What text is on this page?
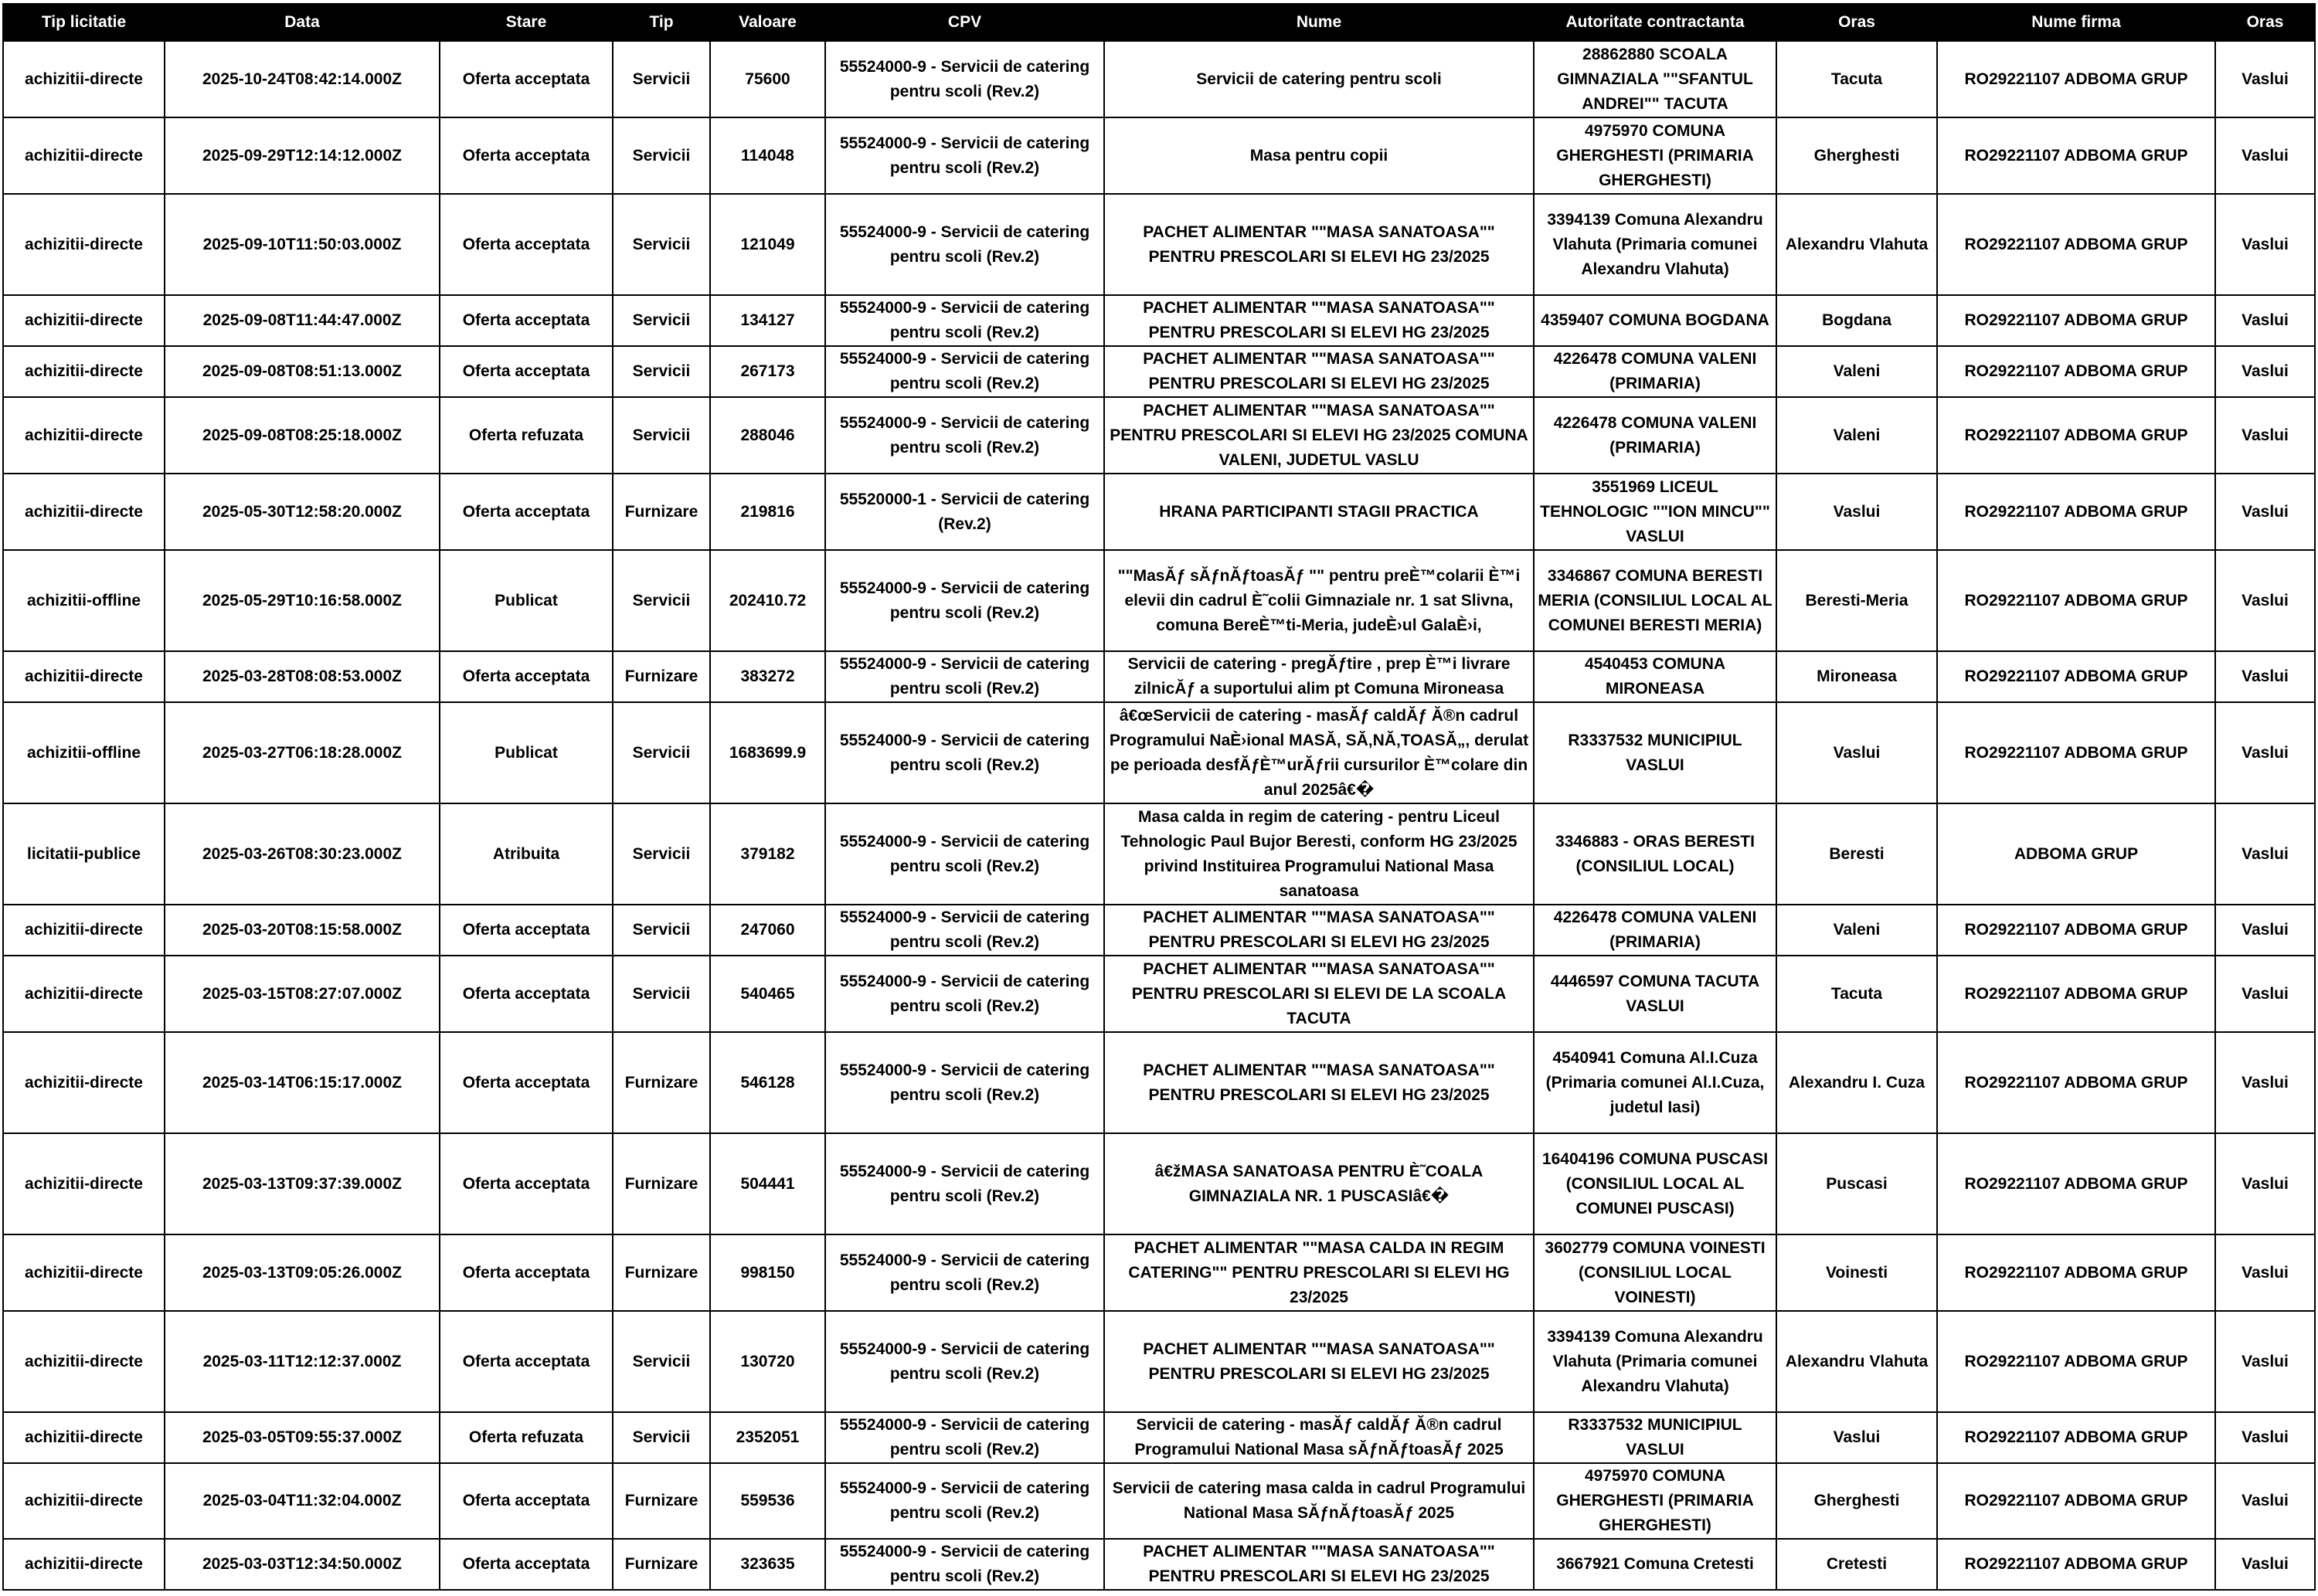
Tip licitatie	Data	Stare	Tip	Valoare	CPV	Nume	Autoritate contractanta	Oras	Nume firma	Oras
achizitii-directe	2025-10-24T08:42:14.000Z	Oferta acceptata	Servicii	75600	55524000-9 - Servicii de catering pentru scoli (Rev.2)	Servicii de catering pentru scoli	28862880 SCOALA GIMNAZIALA ""SFANTUL ANDREI"" TACUTA	Tacuta	RO29221107 ADBOMA GRUP	Vaslui
achizitii-directe	2025-09-29T12:14:12.000Z	Oferta acceptata	Servicii	114048	55524000-9 - Servicii de catering pentru scoli (Rev.2)	Masa pentru copii	4975970 COMUNA GHERGHESTI (PRIMARIA GHERGHESTI)	Gherghesti	RO29221107 ADBOMA GRUP	Vaslui
achizitii-directe	2025-09-10T11:50:03.000Z	Oferta acceptata	Servicii	121049	55524000-9 - Servicii de catering pentru scoli (Rev.2)	PACHET ALIMENTAR ""MASA SANATOASA"" PENTRU PRESCOLARI SI ELEVI HG 23/2025	3394139 Comuna Alexandru Vlahuta (Primaria comunei Alexandru Vlahuta)	Alexandru Vlahuta	RO29221107 ADBOMA GRUP	Vaslui
achizitii-directe	2025-09-08T11:44:47.000Z	Oferta acceptata	Servicii	134127	55524000-9 - Servicii de catering pentru scoli (Rev.2)	PACHET ALIMENTAR ""MASA SANATOASA"" PENTRU PRESCOLARI SI ELEVI HG 23/2025	4359407 COMUNA BOGDANA	Bogdana	RO29221107 ADBOMA GRUP	Vaslui
achizitii-directe	2025-09-08T08:51:13.000Z	Oferta acceptata	Servicii	267173	55524000-9 - Servicii de catering pentru scoli (Rev.2)	PACHET ALIMENTAR ""MASA SANATOASA"" PENTRU PRESCOLARI SI ELEVI HG 23/2025	4226478 COMUNA VALENI (PRIMARIA)	Valeni	RO29221107 ADBOMA GRUP	Vaslui
achizitii-directe	2025-09-08T08:25:18.000Z	Oferta refuzata	Servicii	288046	55524000-9 - Servicii de catering pentru scoli (Rev.2)	PACHET ALIMENTAR ""MASA SANATOASA"" PENTRU PRESCOLARI SI ELEVI HG 23/2025 COMUNA VALENI, JUDETUL VASLU	4226478 COMUNA VALENI (PRIMARIA)	Valeni	RO29221107 ADBOMA GRUP	Vaslui
achizitii-directe	2025-05-30T12:58:20.000Z	Oferta acceptata	Furnizare	219816	55520000-1 - Servicii de catering (Rev.2)	HRANA PARTICIPANTI STAGII PRACTICA	3551969 LICEUL TEHNOLOGIC ""ION MINCU"" VASLUI	Vaslui	RO29221107 ADBOMA GRUP	Vaslui
achizitii-offline	2025-05-29T10:16:58.000Z	Publicat	Servicii	202410.72	55524000-9 - Servicii de catering pentru scoli (Rev.2)	""MasĂƒ sĂƒnĂƒtoasĂƒ "" pentru preÈ™colarii È™i elevii din cadrul È˜colii Gimnaziale nr. 1 sat Slivna, comuna BereÈ™ti-Meria, judeÈ›ul GalaÈ›i,	3346867 COMUNA BERESTI MERIA (CONSILIUL LOCAL AL COMUNEI BERESTI MERIA)	Beresti-Meria	RO29221107 ADBOMA GRUP	Vaslui
achizitii-directe	2025-03-28T08:08:53.000Z	Oferta acceptata	Furnizare	383272	55524000-9 - Servicii de catering pentru scoli (Rev.2)	Servicii de catering - pregĂƒtire , prep È™i livrare zilnicĂƒ a suportului alim pt Comuna Mironeasa	4540453 COMUNA MIRONEASA	Mironeasa	RO29221107 ADBOMA GRUP	Vaslui
achizitii-offline	2025-03-27T06:18:28.000Z	Publicat	Servicii	1683699.9	55524000-9 - Servicii de catering pentru scoli (Rev.2)	â€œServicii de catering - masĂƒ caldĂƒ Ă®n cadrul Programului NaÈ›ional MASĂ, SĂ‚NĂ‚TOASĂ„, derulat pe perioada desfĂƒÈ™urĂƒrii cursurilor È™colare din anul 2025â€�	R3337532 MUNICIPIUL VASLUI	Vaslui	RO29221107 ADBOMA GRUP	Vaslui
licitatii-publice	2025-03-26T08:30:23.000Z	Atribuita	Servicii	379182	55524000-9 - Servicii de catering pentru scoli (Rev.2)	Masa calda in regim de catering - pentru Liceul Tehnologic Paul Bujor Beresti, conform HG 23/2025 privind Instituirea Programului National Masa sanatoasa	3346883 - ORAS BERESTI (CONSILIUL LOCAL)	Beresti	ADBOMA GRUP	Vaslui
achizitii-directe	2025-03-20T08:15:58.000Z	Oferta acceptata	Servicii	247060	55524000-9 - Servicii de catering pentru scoli (Rev.2)	PACHET ALIMENTAR ""MASA SANATOASA"" PENTRU PRESCOLARI SI ELEVI HG 23/2025	4226478 COMUNA VALENI (PRIMARIA)	Valeni	RO29221107 ADBOMA GRUP	Vaslui
achizitii-directe	2025-03-15T08:27:07.000Z	Oferta acceptata	Servicii	540465	55524000-9 - Servicii de catering pentru scoli (Rev.2)	PACHET ALIMENTAR ""MASA SANATOASA"" PENTRU PRESCOLARI SI ELEVI DE LA SCOALA TACUTA	4446597 COMUNA TACUTA VASLUI	Tacuta	RO29221107 ADBOMA GRUP	Vaslui
achizitii-directe	2025-03-14T06:15:17.000Z	Oferta acceptata	Furnizare	546128	55524000-9 - Servicii de catering pentru scoli (Rev.2)	PACHET ALIMENTAR ""MASA SANATOASA"" PENTRU PRESCOLARI SI ELEVI HG 23/2025	4540941 Comuna Al.I.Cuza (Primaria comunei Al.I.Cuza, judetul Iasi)	Alexandru I. Cuza	RO29221107 ADBOMA GRUP	Vaslui
achizitii-directe	2025-03-13T09:37:39.000Z	Oferta acceptata	Furnizare	504441	55524000-9 - Servicii de catering pentru scoli (Rev.2)	â€žMASA SANATOASA PENTRU È˜COALA GIMNAZIALA NR. 1 PUSCASIâ€�	16404196 COMUNA PUSCASI (CONSILIUL LOCAL AL COMUNEI PUSCASI)	Puscasi	RO29221107 ADBOMA GRUP	Vaslui
achizitii-directe	2025-03-13T09:05:26.000Z	Oferta acceptata	Furnizare	998150	55524000-9 - Servicii de catering pentru scoli (Rev.2)	PACHET ALIMENTAR ""MASA CALDA IN REGIM CATERING"" PENTRU PRESCOLARI SI ELEVI HG 23/2025	3602779 COMUNA VOINESTI (CONSILIUL LOCAL VOINESTI)	Voinesti	RO29221107 ADBOMA GRUP	Vaslui
achizitii-directe	2025-03-11T12:12:37.000Z	Oferta acceptata	Servicii	130720	55524000-9 - Servicii de catering pentru scoli (Rev.2)	PACHET ALIMENTAR ""MASA SANATOASA"" PENTRU PRESCOLARI SI ELEVI HG 23/2025	3394139 Comuna Alexandru Vlahuta (Primaria comunei Alexandru Vlahuta)	Alexandru Vlahuta	RO29221107 ADBOMA GRUP	Vaslui
achizitii-directe	2025-03-05T09:55:37.000Z	Oferta refuzata	Servicii	2352051	55524000-9 - Servicii de catering pentru scoli (Rev.2)	Servicii de catering - masĂƒ caldĂƒ Ă®n cadrul Programului National Masa sĂƒnĂƒtoasĂƒ 2025	R3337532 MUNICIPIUL VASLUI	Vaslui	RO29221107 ADBOMA GRUP	Vaslui
achizitii-directe	2025-03-04T11:32:04.000Z	Oferta acceptata	Furnizare	559536	55524000-9 - Servicii de catering pentru scoli (Rev.2)	Servicii de catering masa calda in cadrul Programului National Masa SĂƒnĂƒtoasĂƒ 2025	4975970 COMUNA GHERGHESTI (PRIMARIA GHERGHESTI)	Gherghesti	RO29221107 ADBOMA GRUP	Vaslui
achizitii-directe	2025-03-03T12:34:50.000Z	Oferta acceptata	Furnizare	323635	55524000-9 - Servicii de catering pentru scoli (Rev.2)	PACHET ALIMENTAR ""MASA SANATOASA"" PENTRU PRESCOLARI SI ELEVI HG 23/2025	3667921 Comuna Cretesti	Cretesti	RO29221107 ADBOMA GRUP	Vaslui
